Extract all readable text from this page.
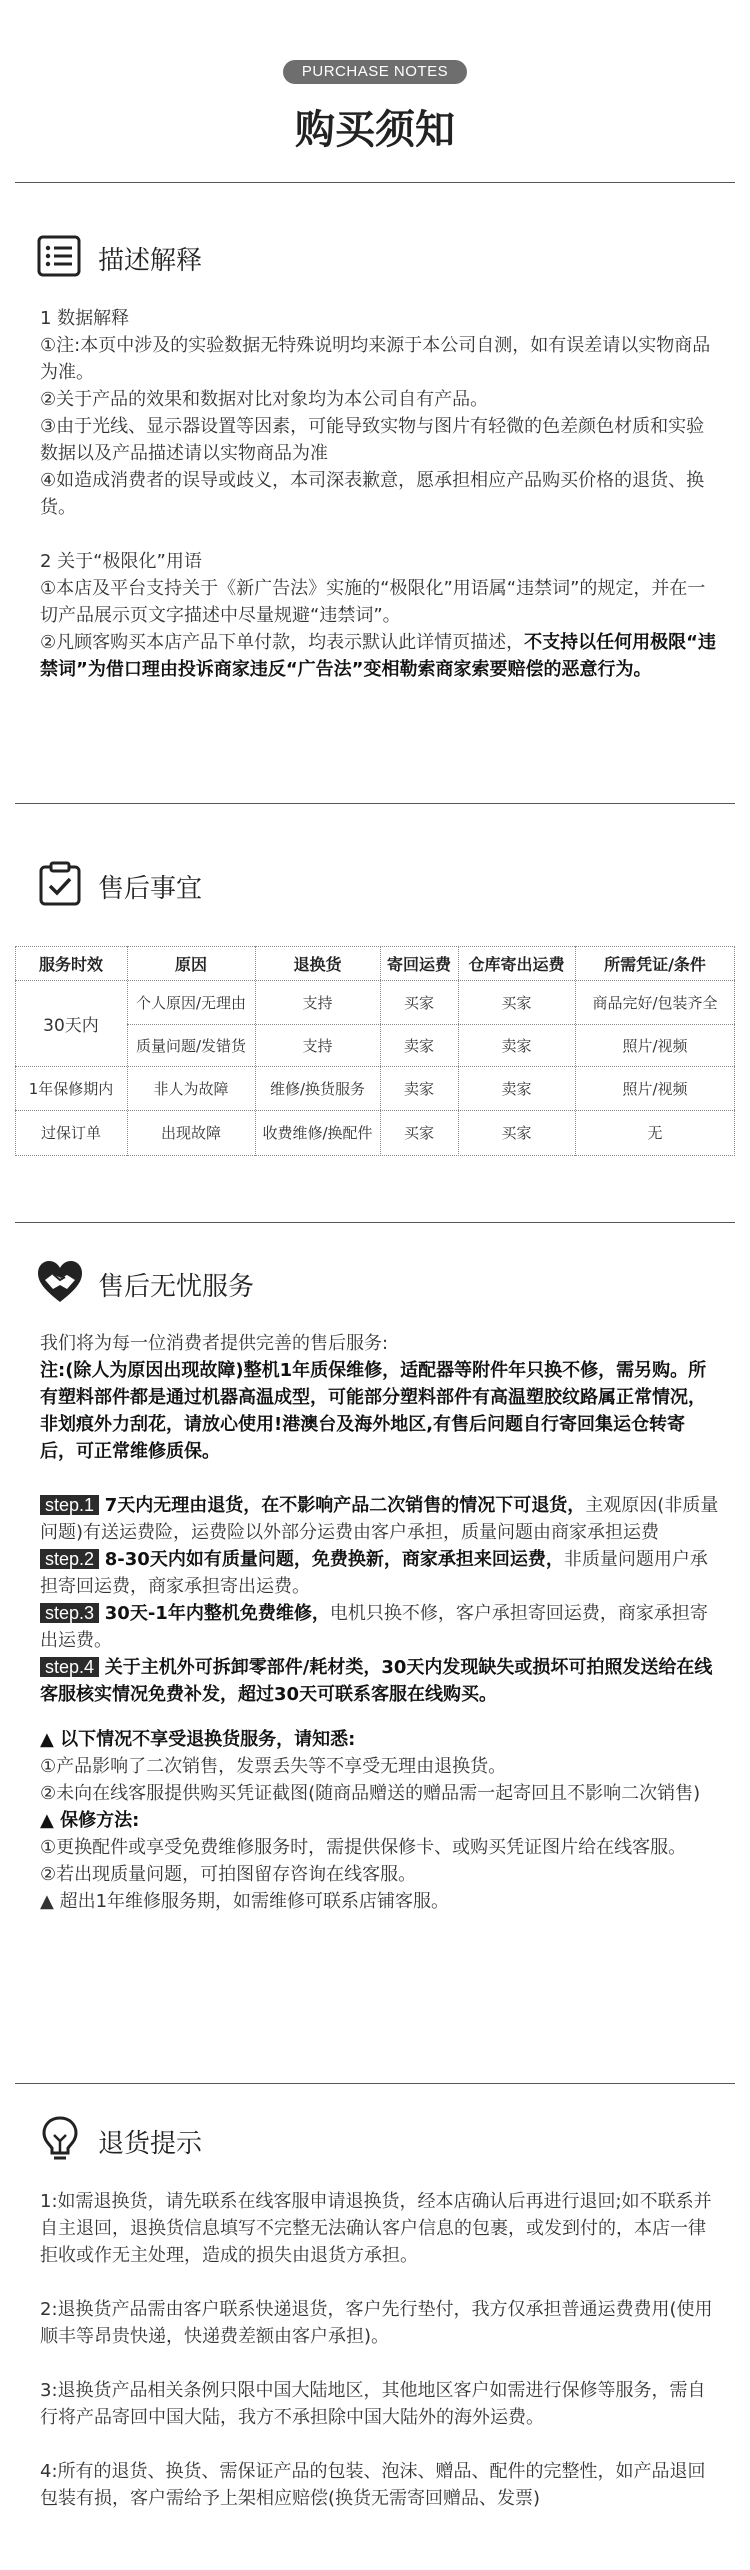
PURCHASE NOTES
购买须知
描述解释

1 数据解释

①注:本页中涉及的实验数据无特殊说明均来源于本公司自测，如有误差请以实物商品为准。

②关于产品的效果和数据对比对象均为本公司自有产品。

③由于光线、显示器设置等因素，可能导致实物与图片有轻微的色差颜色材质和实验数据以及产品描述请以实物商品为准

④如造成消费者的误导或歧义，本司深表歉意，愿承担相应产品购买价格的退货、换货。

2 关于“极限化”用语

①本店及平台支持关于《新广告法》实施的“极限化”用语属“违禁词”的规定，并在一切产品展示页文字描述中尽量规避“违禁词”。

②凡顾客购买本店产品下单付款，均表示默认此详情页描述，不支持以任何用极限“违禁词”为借口理由投诉商家违反“广告法”变相勒索商家索要赔偿的恶意行为。

售后事宜
服务时效	原因	退换货	寄回运费	仓库寄出运费	所需凭证/条件
30天内
个人原因/无理由	支持	买家	买家	商品完好/包装齐全
质量问题/发错货	支持	卖家	卖家	照片/视频
1年保修期内	非人为故障	维修/换货服务	卖家	卖家	照片/视频
过保订单	出现故障	收费维修/换配件	买家	买家	无
售后无忧服务

我们将为每一位消费者提供完善的售后服务:

注:(除人为原因出现故障)整机1年质保维修，适配器等附件年只换不修，需另购。所有塑料部件都是通过机器高温成型，可能部分塑料部件有高温塑胶纹路属正常情况，非划痕外力刮花，请放心使用!港澳台及海外地区,有售后问题自行寄回集运仓转寄后，可正常维修质保。

step.1 7天内无理由退货，在不影响产品二次销售的情况下可退货，主观原因(非质量问题)有送运费险，运费险以外部分运费由客户承担，质量问题由商家承担运费

step.2 8-30天内如有质量问题，免费换新，商家承担来回运费，非质量问题用户承担寄回运费，商家承担寄出运费。

step.3 30天-1年内整机免费维修，电机只换不修，客户承担寄回运费，商家承担寄出运费。

step.4 关于主机外可拆卸零部件/耗材类，30天内发现缺失或损坏可拍照发送给在线客服核实情况免费补发，超过30天可联系客服在线购买。

▲ 以下情况不享受退换货服务，请知悉:

①产品影响了二次销售，发票丢失等不享受无理由退换货。

②未向在线客服提供购买凭证截图(随商品赠送的赠品需一起寄回且不影响二次销售)

▲ 保修方法:

①更换配件或享受免费维修服务时，需提供保修卡、或购买凭证图片给在线客服。

②若出现质量问题，可拍图留存咨询在线客服。

▲ 超出1年维修服务期，如需维修可联系店铺客服。

退货提示

1:如需退换货，请先联系在线客服申请退换货，经本店确认后再进行退回;如不联系并自主退回，退换货信息填写不完整无法确认客户信息的包裹，或发到付的，本店一律拒收或作无主处理，造成的损失由退货方承担。

2:退换货产品需由客户联系快递退货，客户先行垫付，我方仅承担普通运费费用(使用顺丰等昂贵快递，快递费差额由客户承担)。

3:退换货产品相关条例只限中国大陆地区，其他地区客户如需进行保修等服务，需自行将产品寄回中国大陆，我方不承担除中国大陆外的海外运费。

4:所有的退货、换货、需保证产品的包装、泡沫、赠品、配件的完整性，如产品退回包装有损，客户需给予上架相应赔偿(换货无需寄回赠品、发票)
